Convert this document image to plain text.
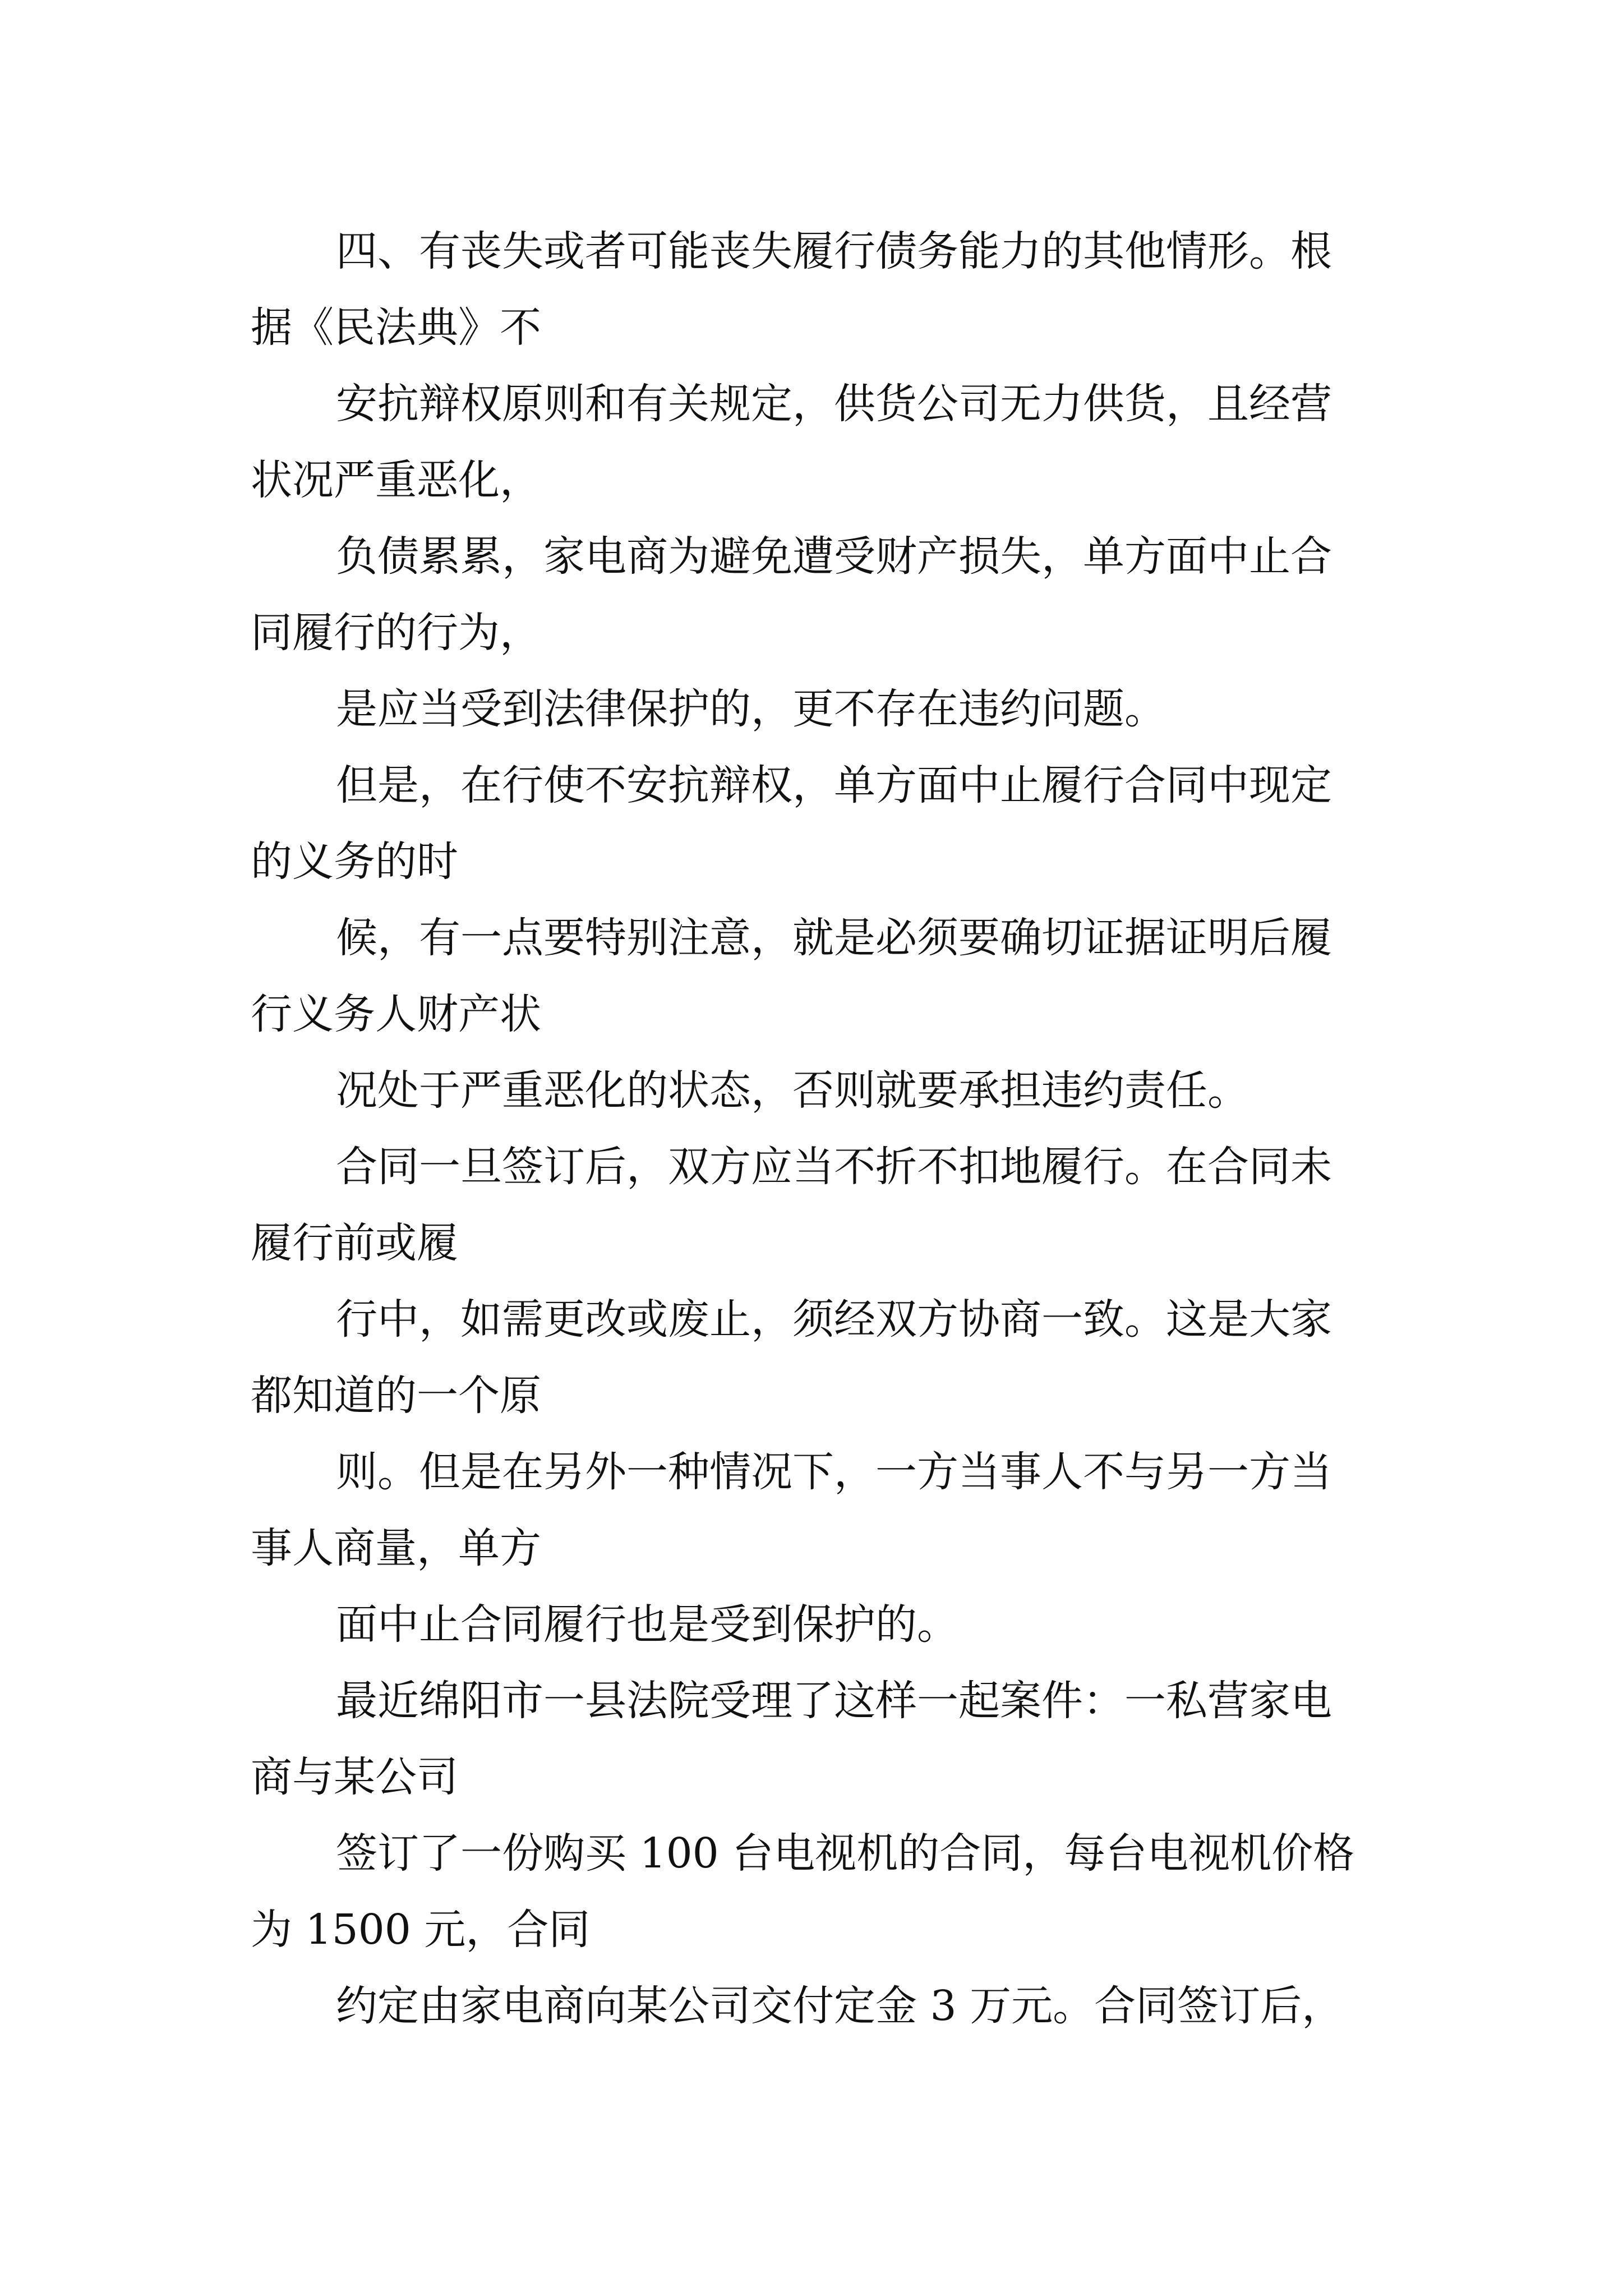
四、有丧失或者可能丧失履行债务能力的其他情形。根
据《民法典》不
安抗辩权原则和有关规定，供货公司无力供货，且经营
状况严重恶化，
负债累累，家电商为避免遭受财产损失，单方面中止合
同履行的行为，
是应当受到法律保护的，更不存在违约问题。
但是，在行使不安抗辩权，单方面中止履行合同中现定
的义务的时
候，有一点要特别注意，就是必须要确切证据证明后履
行义务人财产状
况处于严重恶化的状态，否则就要承担违约责任。
合同一旦签订后，双方应当不折不扣地履行。在合同未
履行前或履
行中，如需更改或废止，须经双方协商一致。这是大家
都知道的一个原
则。但是在另外一种情况下，一方当事人不与另一方当
事人商量，单方
面中止合同履行也是受到保护的。
最近绵阳市一县法院受理了这样一起案件：一私营家电
商与某公司
签订了一份购买 100 台电视机的合同，每台电视机价格
为 1500 元，合同
约定由家电商向某公司交付定金 3 万元。合同签订后，
